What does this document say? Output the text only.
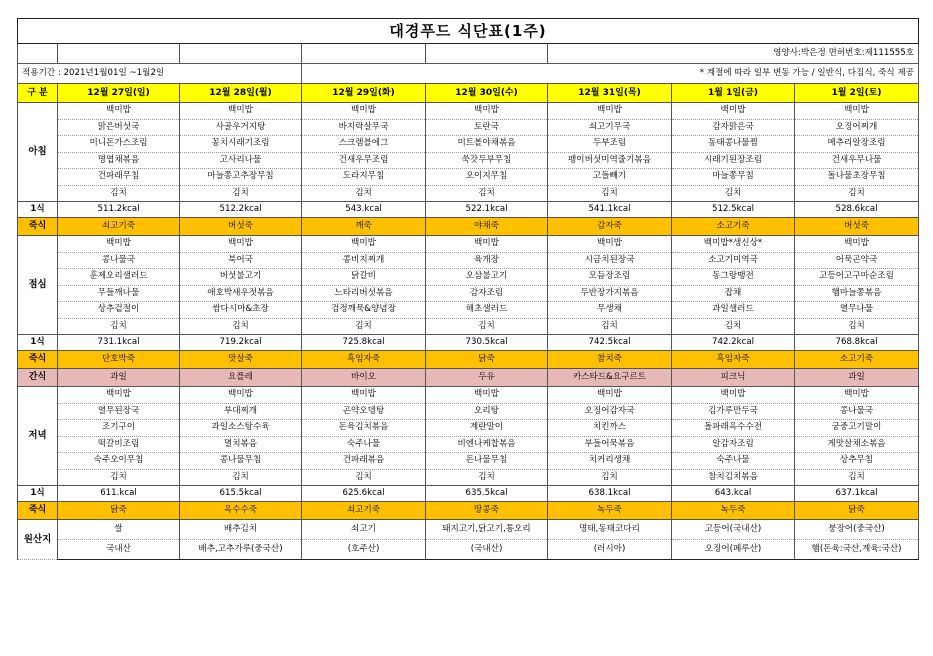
대경푸드 식단표(1주)							
					영양사:박은정 면허번호:제111555호		
적용기간 : 2021년1월01일 ~1월2일			* 계절에 따라 일부 변동 가능 / 일반식, 다짐식, 죽식 제공				
구 분	12월 27일(일)	12월 28일(월)	12월 29일(화)	12월 30일(수)	12월 31일(목)	1월 1일(금)	1월 2일(토)
아침	백미밥	백미밥	백미밥	백미밥	백미밥	백미밥	백미밥
	맑은버섯국	사골우거지탕	바지락살무국	토란국	쇠고기무국	감자맑은국	오징어찌개
	미니돈가스조림	꽁치시래기조림	스크램블에그	미트볼야채볶음	두부조림	동태콩나물찜	메추리알장조림
	명엽채볶음	고사리나물	건새우무조림	쑥갓두부무침	팽이버섯미역줄기볶음	시래기된장조림	건새우무나물
	건파래무침	마늘쫑고추장무침	도라지무침	오이지무침	고들빼기	마늘쫑무침	돌나물초장무침
	김치	김치	김치	김치	김치	김치	김치
1식	511.2kcal	512.2kcal	543.kcal	522.1kcal	541.1kcal	512.5kcal	528.6kcal
죽식	쇠고기죽	버섯죽	깨죽	야채죽	감자죽	소고기죽	버섯죽
점심	백미밥	백미밥	백미밥	백미밥	백미밥	백미밥*생신상*	백미밥
	콩나물국	북어국	콩비지찌개	육개장	시금치된장국	소고기미역국	어묵곤약국
	훈제오리샐러드	버섯불고기	닭갈비	오삼불고기	모듬장조림	동그랑땡전	고등어고구마순조림
	무들깨나물	애호박새우젓볶음	느타리버섯볶음	감자조림	두반장가지볶음	잡채	햄마늘쫑볶음
	상추겉절이	쌈다시마&초장	검정깨묵&양념장	해초샐러드	무생채	과일샐러드	열무나물
	김치	김치	김치	김치	김치	김치	김치
1식	731.1kcal	719.2kcal	725.8kcal	730.5kcal	742.5kcal	742.2kcal	768.8kcal
죽식	단호박죽	맛살죽	흑임자죽	닭죽	참치죽	흑임자죽	소고기죽
간식	과일	요플레	바이오	두유	카스타드&요구르트	피크닉	과일
저녁	백미밥	백미밥	백미밥	백미밥	백미밥	백미밥	백미밥
	열무된장국	부대찌개	곤약오뎅탕	오리탕	오징어감자국	김가루만두국	콩나물국
	조기구이	과일소스탕수육	돈육김치볶음	계란말이	치킨까스	돌파래옥수수전	궁중고기말이
	떡갈비조림	멸치볶음	숙주나물	비엔나케찹볶음	부들어묵볶음	알감자조림	게맛살채소볶음
	숙주오이무침	콩나물무침	건파래볶음	돈나물무침	치커리생채	숙주나물	상추무침
	김치	김치	김치	김치	김치	참치김치볶음	김치
1식	611.kcal	615.5kcal	625.6kcal	635.5kcal	638.1kcal	643.kcal	637.1kcal
죽식	닭죽	옥수수죽	쇠고기죽	땅콩죽	녹두죽	녹두죽	닭죽
원산지	쌀	배추김치	쇠고기	돼지고기,닭고기,통오리	명태,동태코다리	고등어(국내산)	붕장어(중국산)
	국내산	배추,고추가루(중국산)	(호주산)	(국내산)	(러시아)	오징어(페루산)	햄(돈육:국산,계육:국산)
